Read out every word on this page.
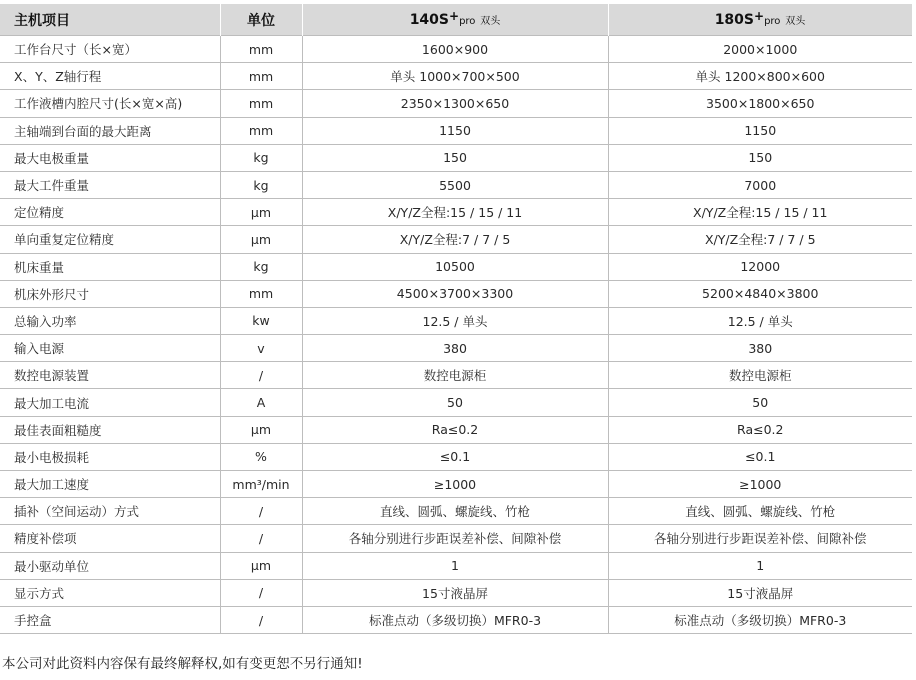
主机项目	单位	140S+pro 双头	180S+pro 双头
工作台尺寸（长×宽）	mm	1600×900	2000×1000
X、Y、Z轴行程	mm	单头 1000×700×500	单头 1200×800×600
工作液槽内腔尺寸(长×宽×高)	mm	2350×1300×650	3500×1800×650
主轴端到台面的最大距离	mm	1150	1150
最大电极重量	kg	150	150
最大工件重量	kg	5500	7000
定位精度	μm	X/Y/Z全程:15 / 15 / 11	X/Y/Z全程:15 / 15 / 11
单向重复定位精度	μm	X/Y/Z全程:7 / 7 / 5	X/Y/Z全程:7 / 7 / 5
机床重量	kg	10500	12000
机床外形尺寸	mm	4500×3700×3300	5200×4840×3800
总输入功率	kw	12.5 / 单头	12.5 / 单头
输入电源	v	380	380
数控电源装置	/	数控电源柜	数控电源柜
最大加工电流	A	50	50
最佳表面粗糙度	μm	Ra≤0.2	Ra≤0.2
最小电极损耗	%	≤0.1	≤0.1
最大加工速度	mm³/min	≥1000	≥1000
插补（空间运动）方式	/	直线、圆弧、螺旋线、竹枪	直线、圆弧、螺旋线、竹枪
精度补偿项	/	各轴分别进行步距误差补偿、间隙补偿	各轴分别进行步距误差补偿、间隙补偿
最小驱动单位	μm	1	1
显示方式	/	15寸液晶屏	15寸液晶屏
手控盒	/	标准点动（多级切换）MFR0-3	标准点动（多级切换）MFR0-3
本公司对此资料内容保有最终解释权,如有变更恕不另行通知!
